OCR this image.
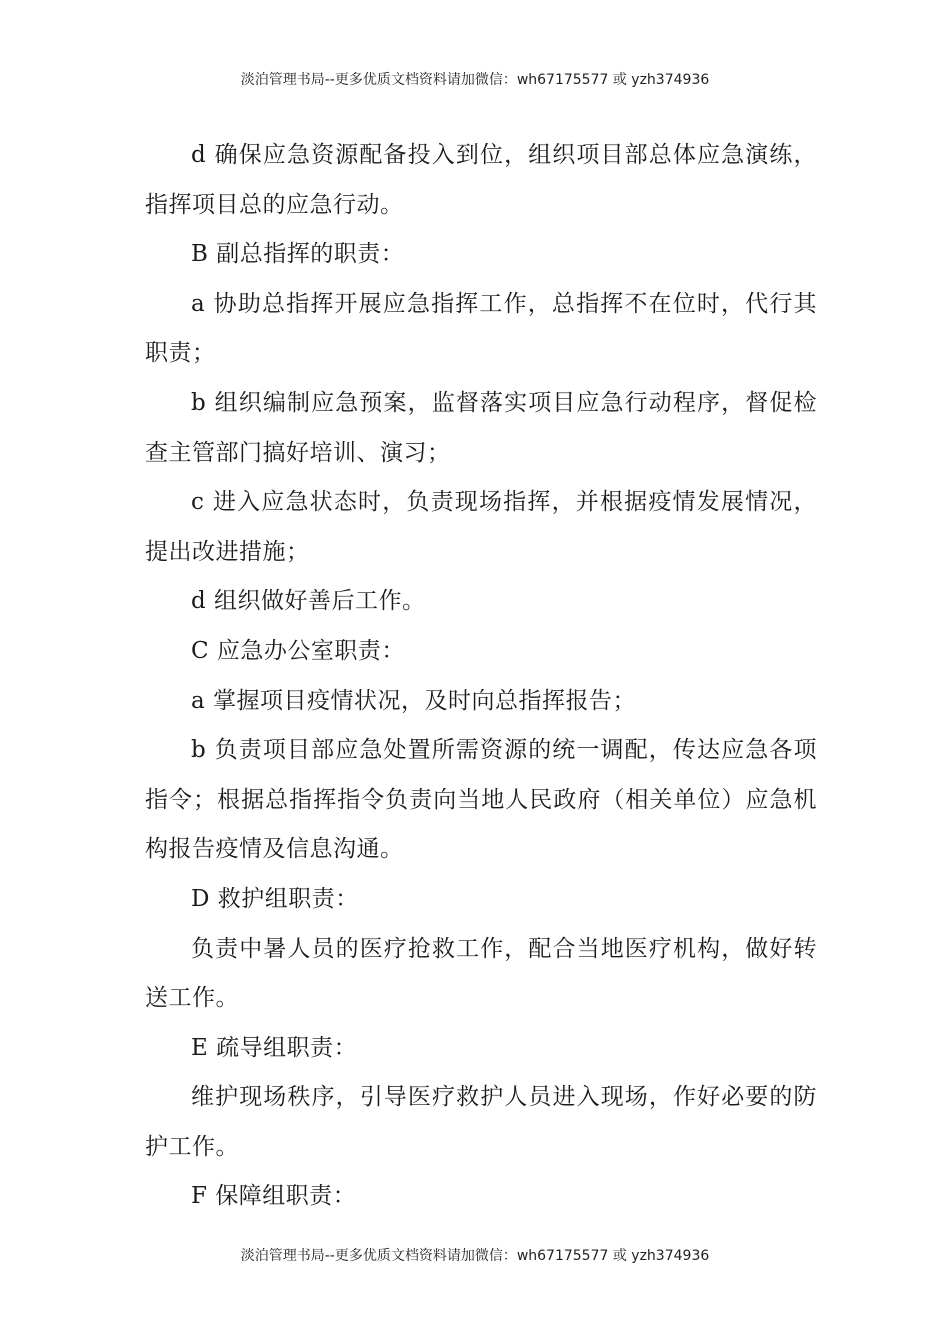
淡泊管理书局--更多优质文档资料请加微信：wh67175577 或 yzh374936

d 确保应急资源配备投入到位，组织项目部总体应急演练，指挥项目总的应急行动。

B 副总指挥的职责：

a 协助总指挥开展应急指挥工作，总指挥不在位时，代行其职责；

b 组织编制应急预案，监督落实项目应急行动程序，督促检查主管部门搞好培训、演习；

c 进入应急状态时，负责现场指挥，并根据疫情发展情况，提出改进措施；

d 组织做好善后工作。

C 应急办公室职责：

a 掌握项目疫情状况，及时向总指挥报告；

b 负责项目部应急处置所需资源的统一调配，传达应急各项指令；根据总指挥指令负责向当地人民政府（相关单位）应急机构报告疫情及信息沟通。

D 救护组职责：

负责中暑人员的医疗抢救工作，配合当地医疗机构，做好转送工作。

E 疏导组职责：

维护现场秩序，引导医疗救护人员进入现场，作好必要的防护工作。

F 保障组职责：

淡泊管理书局--更多优质文档资料请加微信：wh67175577 或 yzh374936
